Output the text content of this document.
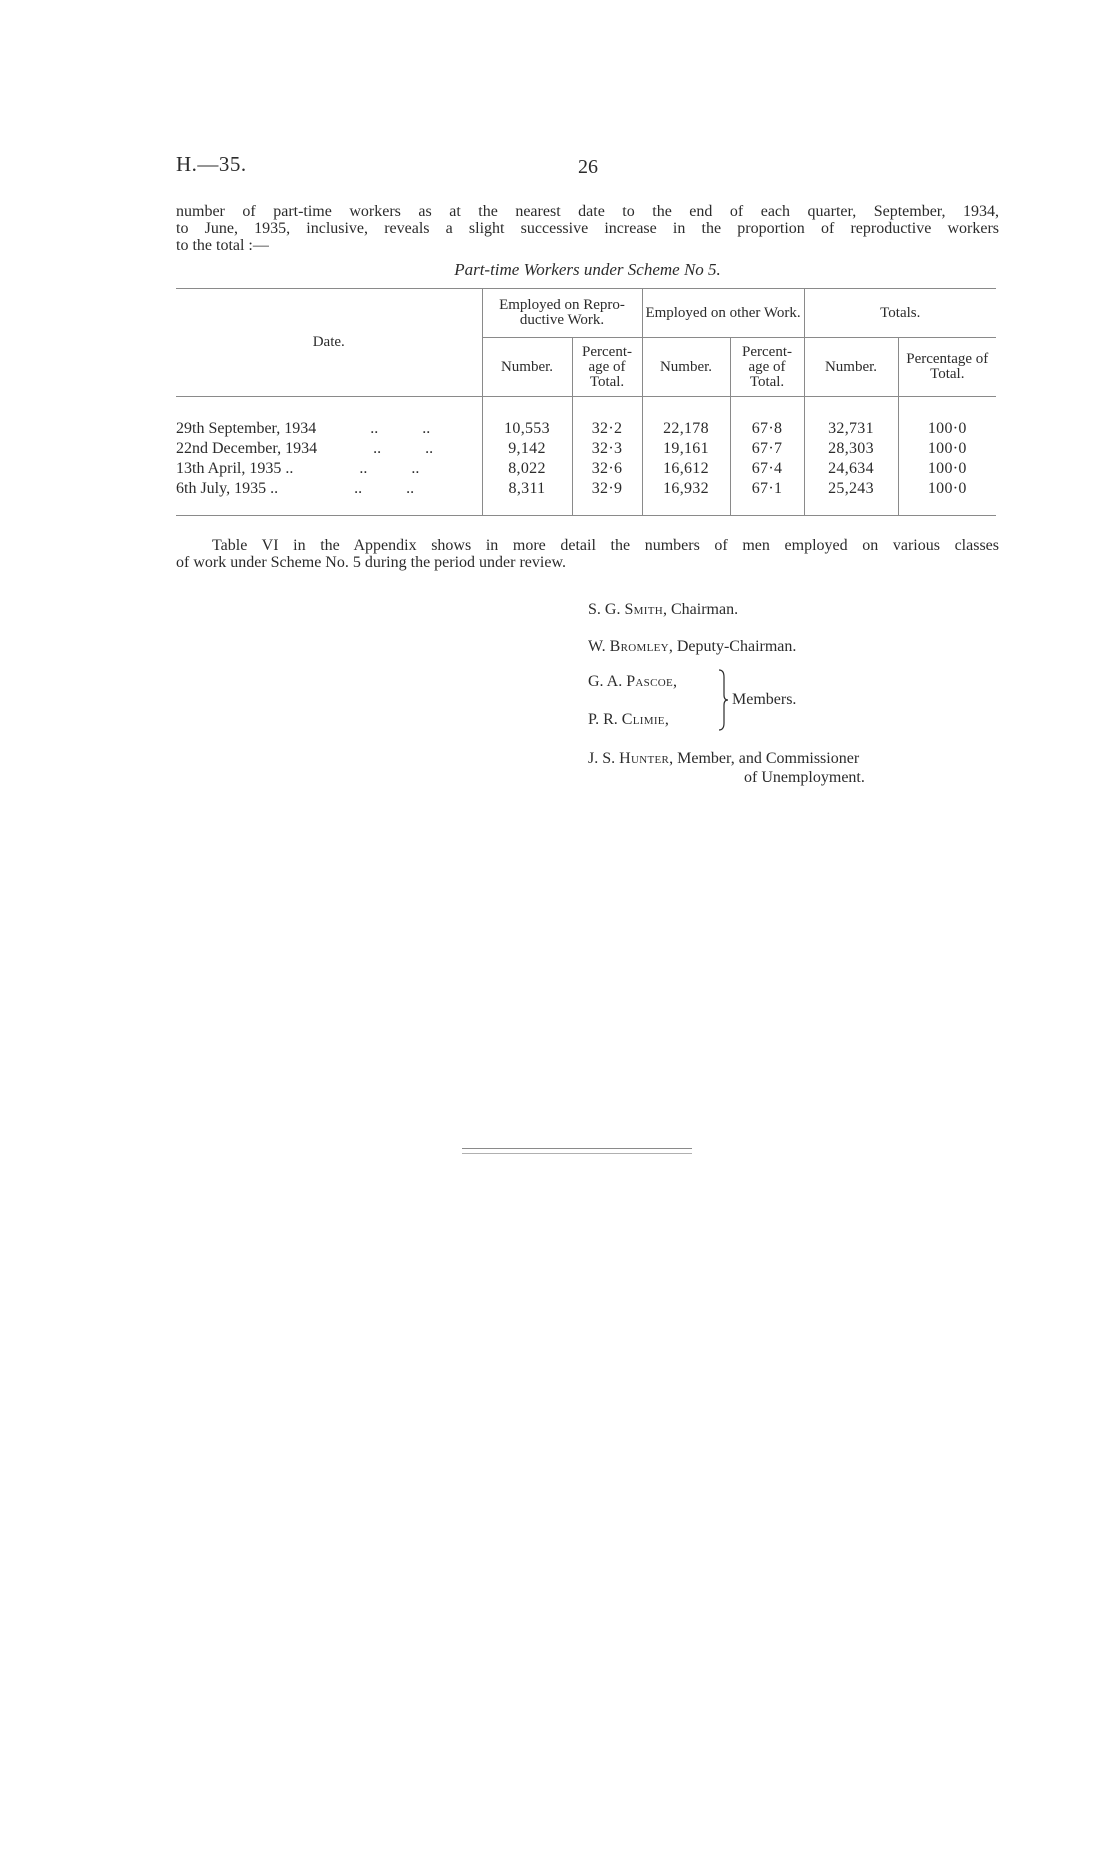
H.—35.	26
number of part-time workers as at the nearest date to the end of each quarter, September, 1934,
to June, 1935, inclusive, reveals a slight successive increase in the proportion of reproductive workers
to the total :—
Part-time Workers under Scheme No 5.
Date.	Employed on Repro-ductive Work.		Employed on other Work.		Totals.	
	Number.	Percent-age of Total.	Number.	Percent-age of Total.	Number.	Percentage of Total.
29th September, 1934 .. ..	10,553	32·2	22,178	67·8	32,731	100·0
22nd December, 1934 .. ..	9,142	32·3	19,161	67·7	28,303	100·0
13th April, 1935 .. .. ..	8,022	32·6	16,612	67·4	24,634	100·0
6th July, 1935 .. .. ..	8,311	32·9	16,932	67·1	25,243	100·0
Table VI in the Appendix shows in more detail the numbers of men employed on various classes
of work under Scheme No. 5 during the period under review.
S. G. Smith, Chairman.
W. Bromley, Deputy-Chairman.
G. A. Pascoe,
P. R. Climie,
Members.
J. S. Hunter, Member, and Commissioner
of Unemployment.
